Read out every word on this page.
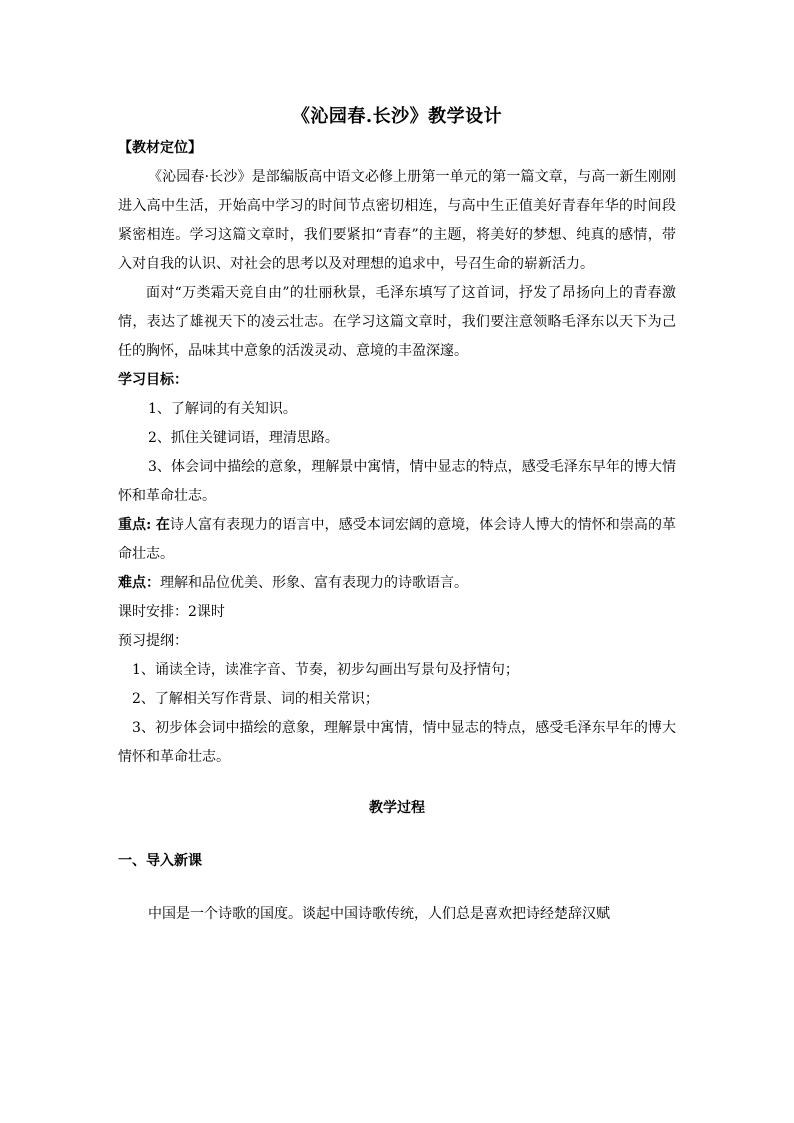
《沁园春.长沙》教学设计

【教材定位】

《沁园春·长沙》是部编版高中语文必修上册第一单元的第一篇文章，与高一新生刚刚进入高中生活，开始高中学习的时间节点密切相连，与高中生正值美好青春年华的时间段紧密相连。学习这篇文章时，我们要紧扣“青春”的主题，将美好的梦想、纯真的感情，带入对自我的认识、对社会的思考以及对理想的追求中，号召生命的崭新活力。

面对“万类霜天竞自由”的壮丽秋景，毛泽东填写了这首词，抒发了昂扬向上的青春激情，表达了雄视天下的凌云壮志。在学习这篇文章时，我们要注意领略毛泽东以天下为己任的胸怀，品味其中意象的活泼灵动、意境的丰盈深邃。

学习目标：

1、了解词的有关知识。

2、抓住关键词语，理清思路。

3、体会词中描绘的意象，理解景中寓情，情中显志的特点，感受毛泽东早年的博大情怀和革命壮志。

重点: 在诗人富有表现力的语言中，感受本词宏阔的意境，体会诗人博大的情怀和崇高的革命壮志。

难点：理解和品位优美、形象、富有表现力的诗歌语言。

课时安排：2课时

预习提纲：

1、诵读全诗，读准字音、节奏，初步勾画出写景句及抒情句；

2、了解相关写作背景、词的相关常识；

3、初步体会词中描绘的意象，理解景中寓情，情中显志的特点，感受毛泽东早年的博大情怀和革命壮志。

教学过程

一、导入新课

中国是一个诗歌的国度。谈起中国诗歌传统，人们总是喜欢把诗经楚辞汉赋
